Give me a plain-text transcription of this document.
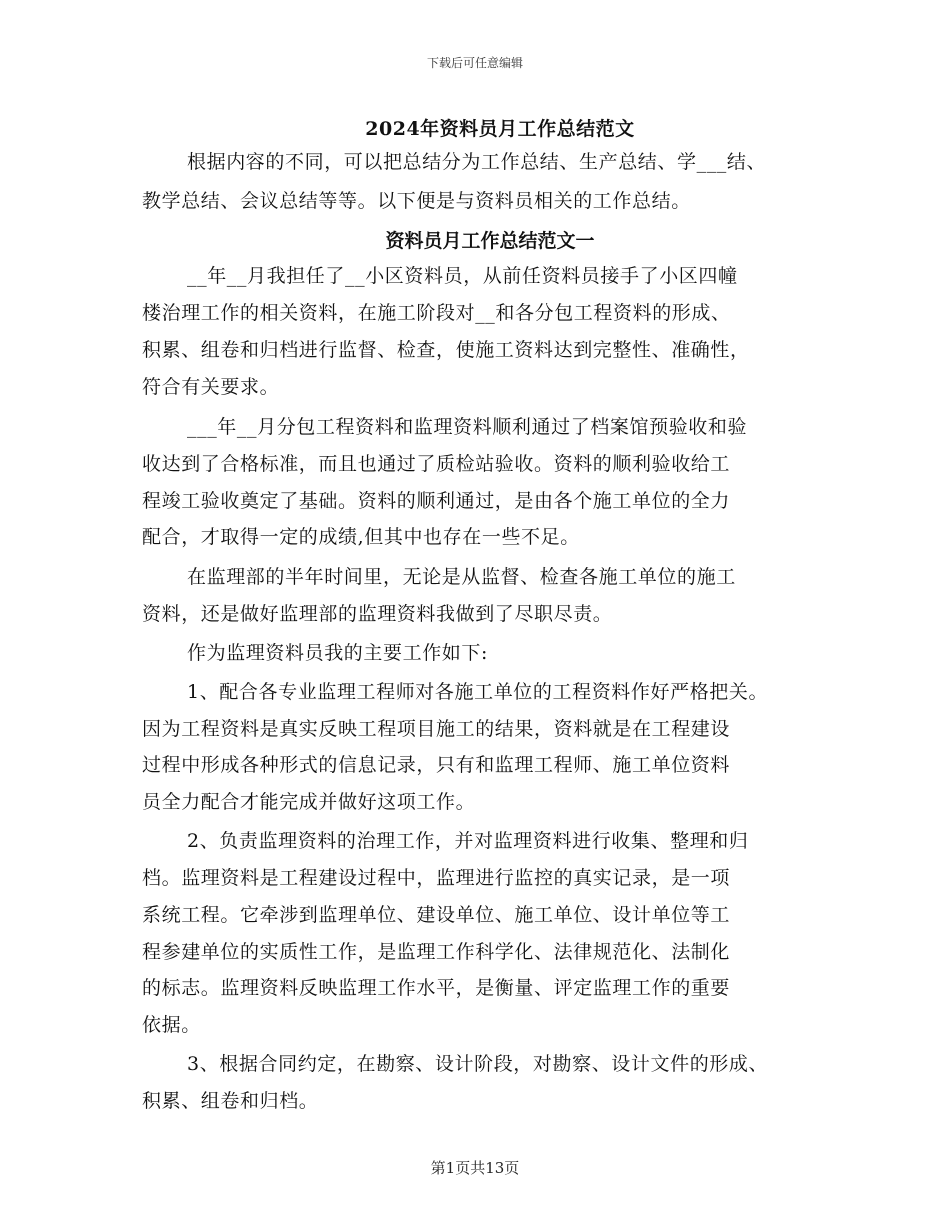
下载后可任意编辑
2024年资料员月工作总结范文
根据内容的不同，可以把总结分为工作总结、生产总结、学___结、
教学总结、会议总结等等。以下便是与资料员相关的工作总结。
资料员月工作总结范文一
__年__月我担任了__小区资料员，从前任资料员接手了小区四幢
楼治理工作的相关资料，在施工阶段对__和各分包工程资料的形成、
积累、组卷和归档进行监督、检查，使施工资料达到完整性、准确性，
符合有关要求。
___年__月分包工程资料和监理资料顺利通过了档案馆预验收和验
收达到了合格标准，而且也通过了质检站验收。资料的顺利验收给工
程竣工验收奠定了基础。资料的顺利通过，是由各个施工单位的全力
配合，才取得一定的成绩,但其中也存在一些不足。
在监理部的半年时间里，无论是从监督、检查各施工单位的施工
资料，还是做好监理部的监理资料我做到了尽职尽责。
作为监理资料员我的主要工作如下:
1、配合各专业监理工程师对各施工单位的工程资料作好严格把关。
因为工程资料是真实反映工程项目施工的结果，资料就是在工程建设
过程中形成各种形式的信息记录，只有和监理工程师、施工单位资料
员全力配合才能完成并做好这项工作。
2、负责监理资料的治理工作，并对监理资料进行收集、整理和归
档。监理资料是工程建设过程中，监理进行监控的真实记录，是一项
系统工程。它牵涉到监理单位、建设单位、施工单位、设计单位等工
程参建单位的实质性工作，是监理工作科学化、法律规范化、法制化
的标志。监理资料反映监理工作水平，是衡量、评定监理工作的重要
依据。
3、根据合同约定，在勘察、设计阶段，对勘察、设计文件的形成、
积累、组卷和归档。
第1页共13页
